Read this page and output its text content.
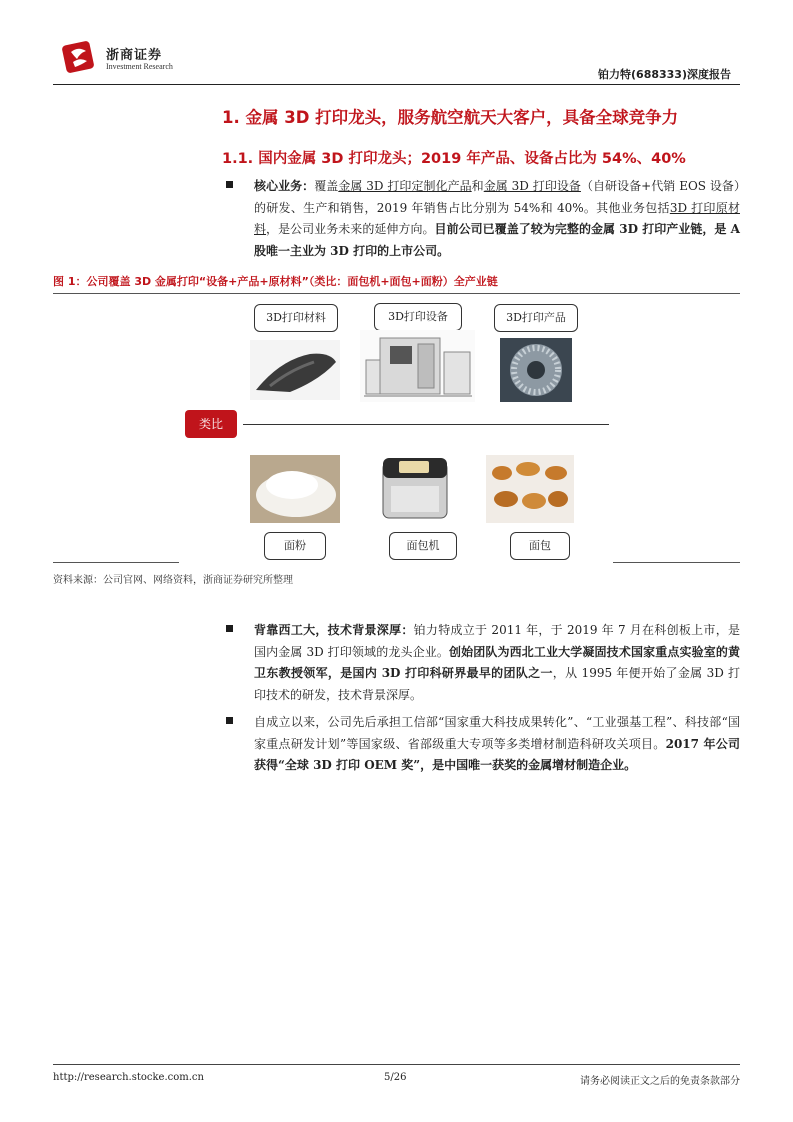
浙商证券
Investment Research
铂力特(688333)深度报告
1. 金属 3D 打印龙头，服务航空航天大客户，具备全球竞争力
1.1. 国内金属 3D 打印龙头；2019 年产品、设备占比为 54%、40%
核心业务：覆盖金属 3D 打印定制化产品和金属 3D 打印设备（自研设备+代销 EOS 设备）的研发、生产和销售，2019 年销售占比分别为 54%和 40%。其他业务包括3D 打印原材料，是公司业务未来的延伸方向。目前公司已覆盖了较为完整的金属 3D 打印产业链，是 A 股唯一主业为 3D 打印的上市公司。
图 1：公司覆盖 3D 金属打印“设备+产品+原材料”（类比：面包机+面包+面粉）全产业链
3D打印材料	3D打印设备	3D打印产品
类比
面粉	面包机	面包
资料来源：公司官网、网络资料，浙商证券研究所整理
背靠西工大，技术背景深厚：铂力特成立于 2011 年，于 2019 年 7 月在科创板上市，是国内金属 3D 打印领域的龙头企业。创始团队为西北工业大学凝固技术国家重点实验室的黄卫东教授领军，是国内 3D 打印科研界最早的团队之一，从 1995 年便开始了金属 3D 打印技术的研发，技术背景深厚。
自成立以来，公司先后承担工信部“国家重大科技成果转化”、“工业强基工程”、科技部“国家重点研发计划”等国家级、省部级重大专项等多类增材制造科研攻关项目。2017 年公司获得“全球 3D 打印 OEM 奖”，是中国唯一获奖的金属增材制造企业。
http://research.stocke.com.cn	5/26	请务必阅读正文之后的免责条款部分
